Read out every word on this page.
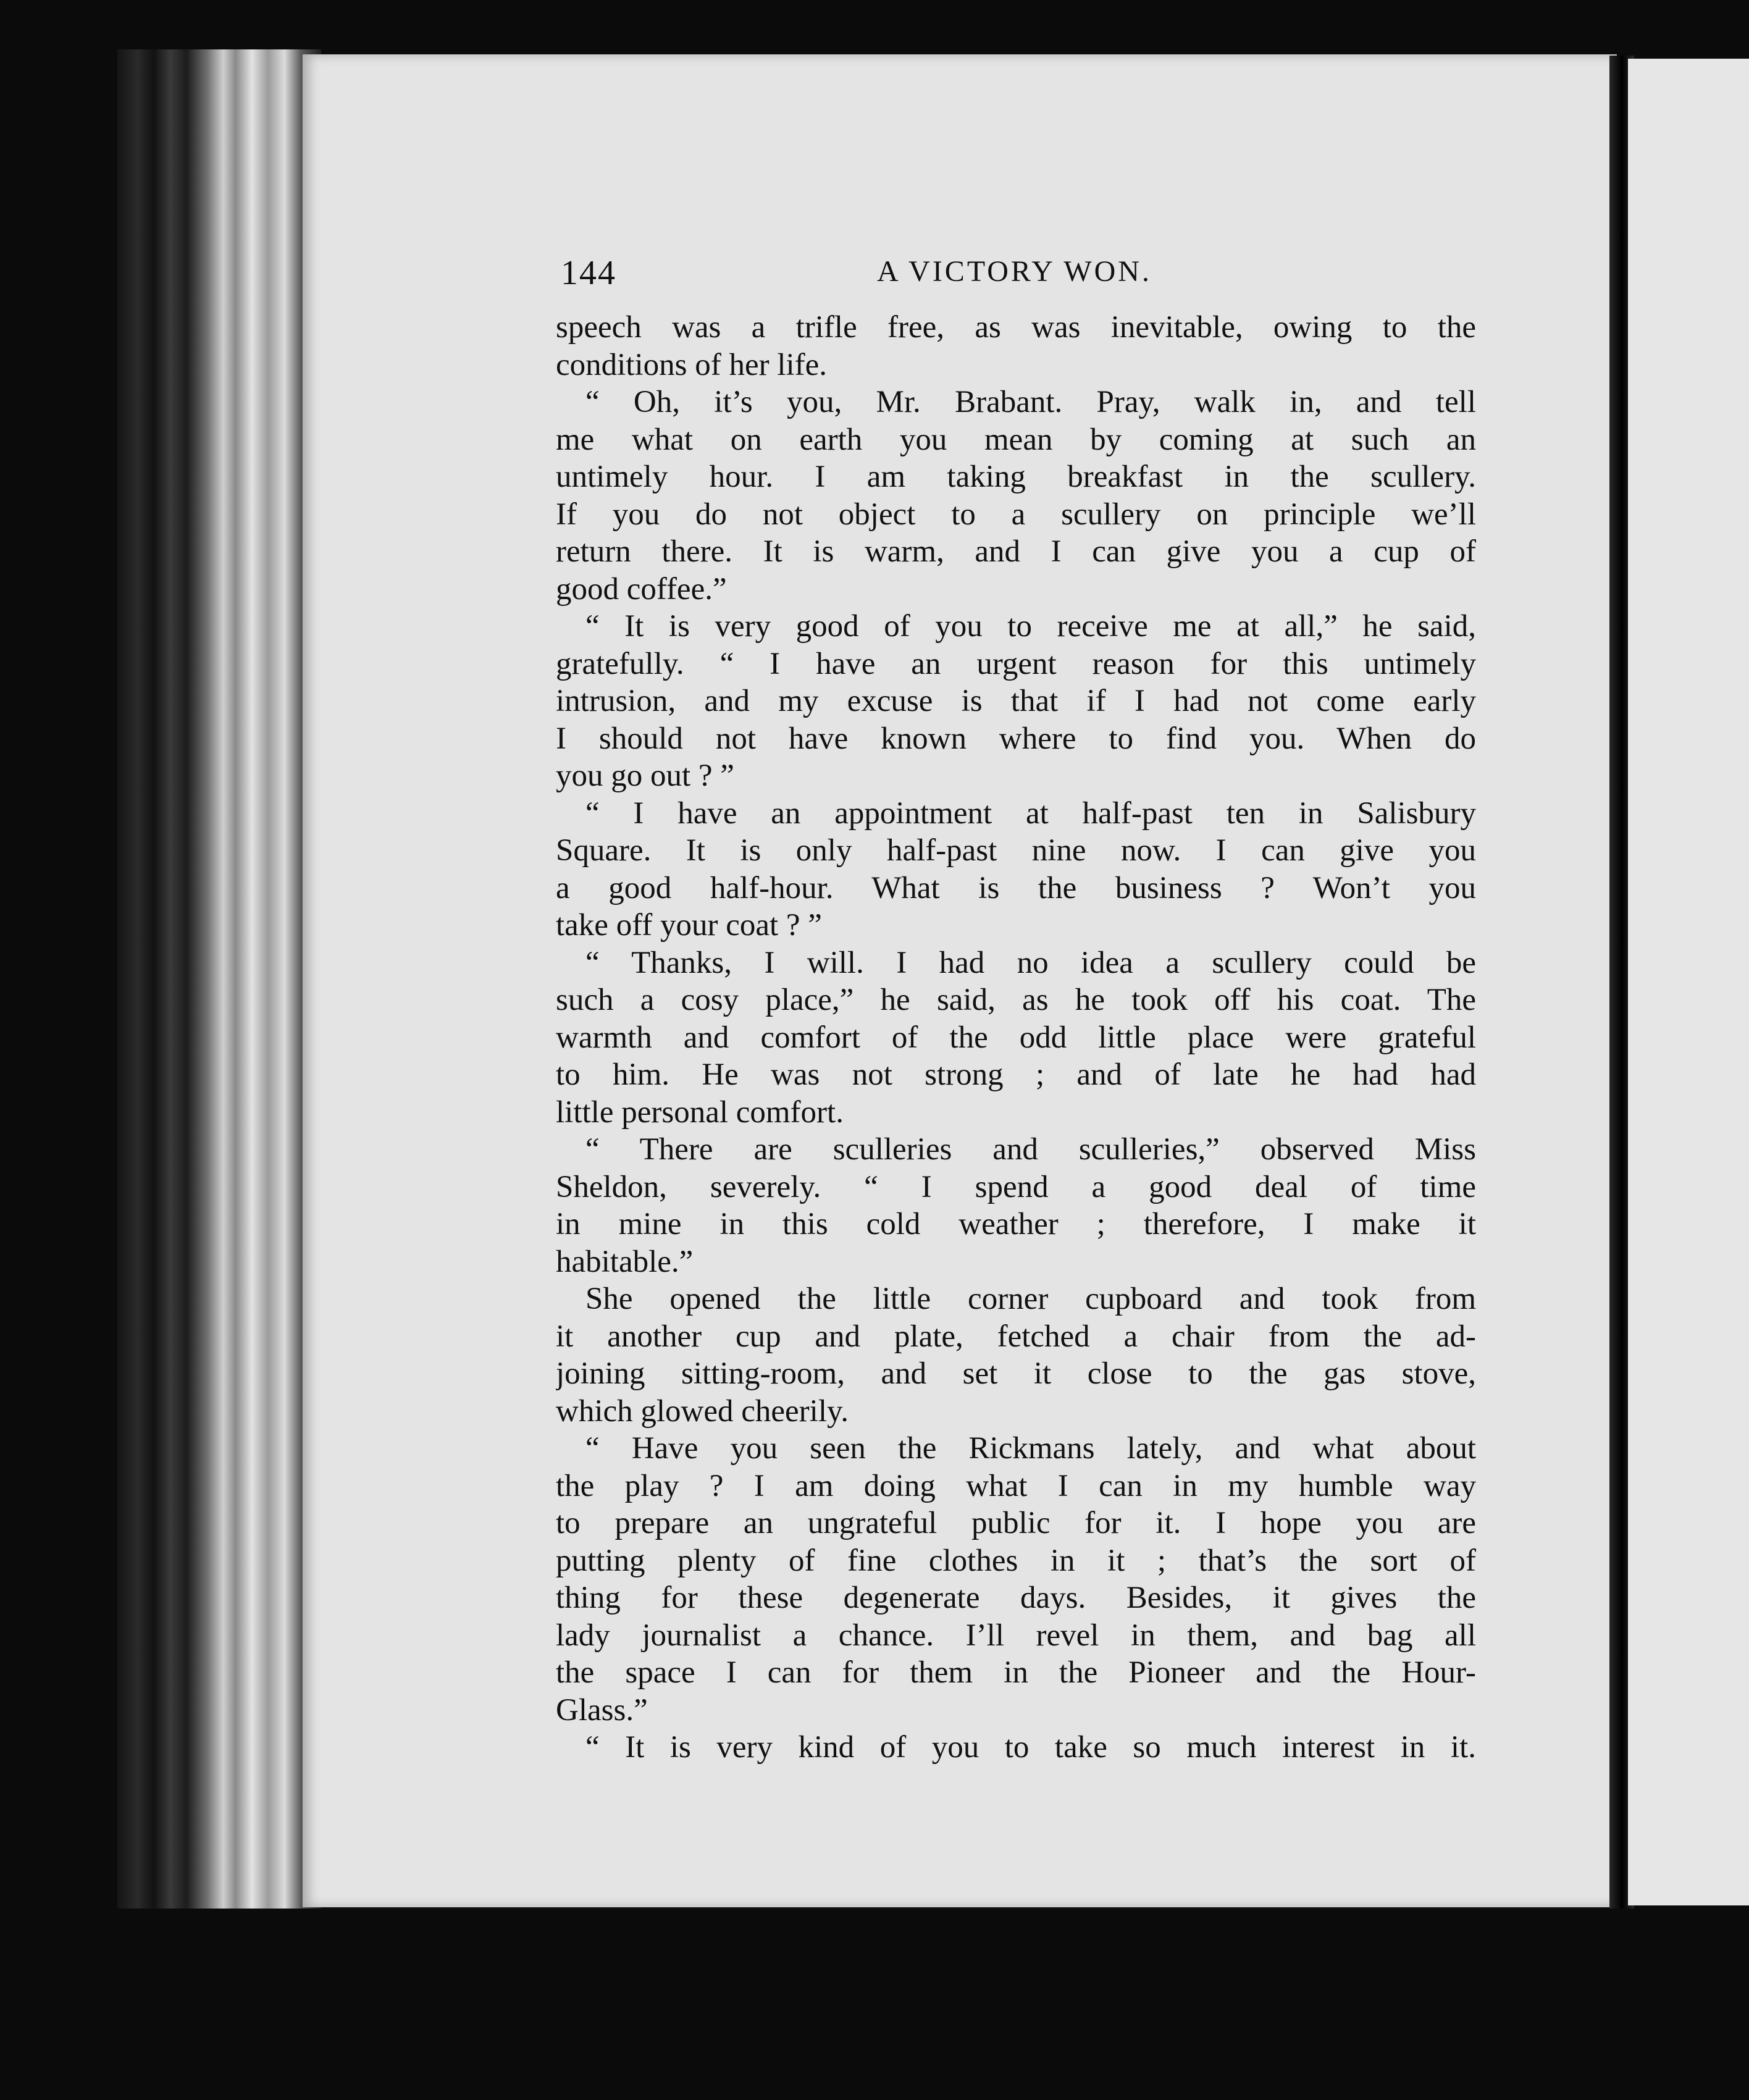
144	A VICTORY WON.
speech was a trifle free, as was inevitable, owing to the
conditions of her life.
“ Oh, it’s you, Mr. Brabant. Pray, walk in, and tell
me what on earth you mean by coming at such an
untimely hour. I am taking breakfast in the scullery.
If you do not object to a scullery on principle we’ll
return there. It is warm, and I can give you a cup of
good coffee.”
“ It is very good of you to receive me at all,” he said,
gratefully. “ I have an urgent reason for this untimely
intrusion, and my excuse is that if I had not come early
I should not have known where to find you. When do
you go out ? ”
“ I have an appointment at half-past ten in Salisbury
Square. It is only half-past nine now. I can give you
a good half-hour. What is the business ? Won’t you
take off your coat ? ”
“ Thanks, I will. I had no idea a scullery could be
such a cosy place,” he said, as he took off his coat. The
warmth and comfort of the odd little place were grateful
to him. He was not strong ; and of late he had had
little personal comfort.
“ There are sculleries and sculleries,” observed Miss
Sheldon, severely. “ I spend a good deal of time
in mine in this cold weather ; therefore, I make it
habitable.”
She opened the little corner cupboard and took from
it another cup and plate, fetched a chair from the ad-
joining sitting-room, and set it close to the gas stove,
which glowed cheerily.
“ Have you seen the Rickmans lately, and what about
the play ? I am doing what I can in my humble way
to prepare an ungrateful public for it. I hope you are
putting plenty of fine clothes in it ; that’s the sort of
thing for these degenerate days. Besides, it gives the
lady journalist a chance. I’ll revel in them, and bag all
the space I can for them in the Pioneer and the Hour-
Glass.”
“ It is very kind of you to take so much interest in it.
